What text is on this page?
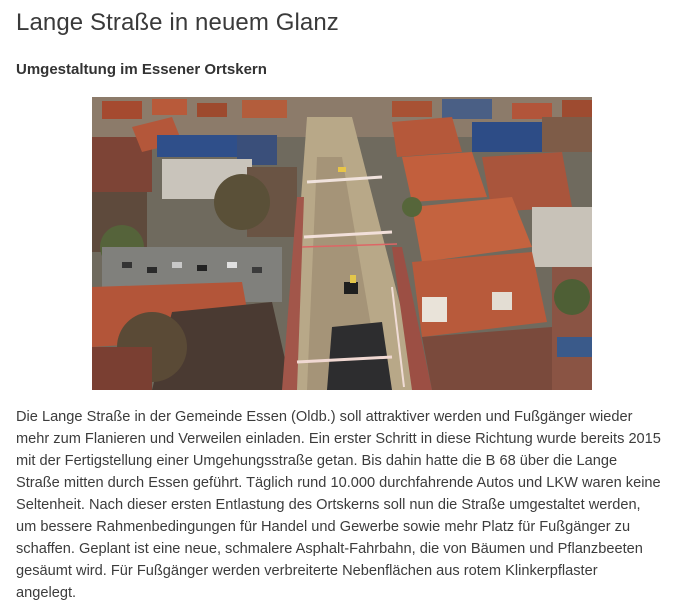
Lange Straße in neuem Glanz
Umgestaltung im Essener Ortskern

Die Lange Straße in der Gemeinde Essen (Oldb.) soll attraktiver werden und Fußgänger wieder mehr zum Flanieren und Verweilen einladen. Ein erster Schritt in diese Richtung wurde bereits 2015 mit der Fertigstellung einer Umgehungsstraße getan. Bis dahin hatte die B 68 über die Lange Straße mitten durch Essen geführt. Täglich rund 10.000 durchfahrende Autos und LKW waren keine Seltenheit. Nach dieser ersten Entlastung des Ortskerns soll nun die Straße umgestaltet werden, um bessere Rahmenbedingungen für Handel und Gewerbe sowie mehr Platz für Fußgänger zu schaffen. Geplant ist eine neue, schmalere Asphalt-Fahrbahn, die von Bäumen und Pflanzbeeten gesäumt wird. Für Fußgänger werden verbreiterte Nebenflächen aus rotem Klinkerpflaster angelegt.
